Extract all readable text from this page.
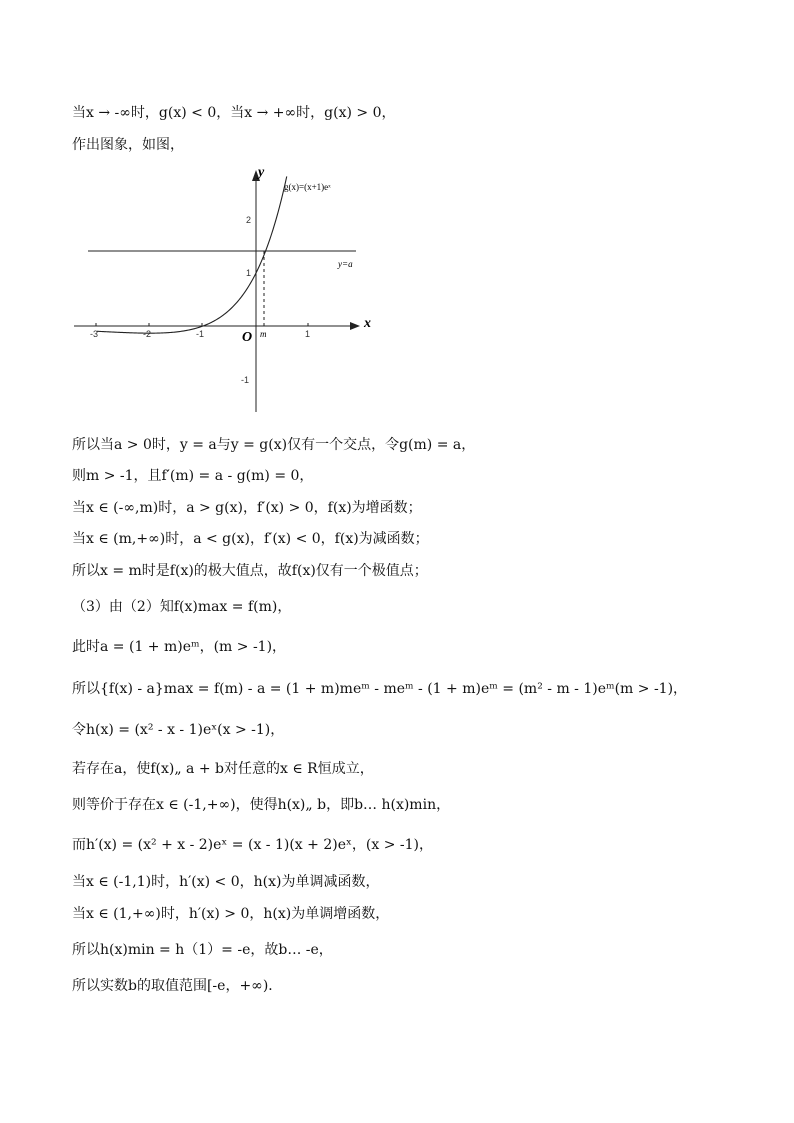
当x → -∞时，g(x) < 0，当x → +∞时，g(x) > 0，
作出图象，如图，
x
y
O
-3	-2	-1	1
2
1
-1
y=a
m
g(x)=(x+1)eˣ
所以当a > 0时，y = a与y = g(x)仅有一个交点，令g(m) = a，
则m > -1，且f′(m) = a - g(m) = 0，
当x ∈ (-∞,m)时，a > g(x)，f′(x) > 0，f(x)为增函数；
当x ∈ (m,+∞)时，a < g(x)，f′(x) < 0，f(x)为减函数；
所以x = m时是f(x)的极大值点，故f(x)仅有一个极值点；
（3）由（2）知f(x)max = f(m)，
此时a = (1 + m)eᵐ，(m > -1)，
所以{f(x) - a}max = f(m) - a = (1 + m)meᵐ - meᵐ - (1 + m)eᵐ = (m² - m - 1)eᵐ(m > -1)，
令h(x) = (x² - x - 1)eˣ(x > -1)，
若存在a，使f(x)„ a + b对任意的x ∈ R恒成立，
则等价于存在x ∈ (-1,+∞)，使得h(x)„ b，即b… h(x)min，
而h′(x) = (x² + x - 2)eˣ = (x - 1)(x + 2)eˣ，(x > -1)，
当x ∈ (-1,1)时，h′(x) < 0，h(x)为单调减函数，
当x ∈ (1,+∞)时，h′(x) > 0，h(x)为单调增函数，
所以h(x)min = h（1）= -e，故b… -e，
所以实数b的取值范围[-e，+∞)．
